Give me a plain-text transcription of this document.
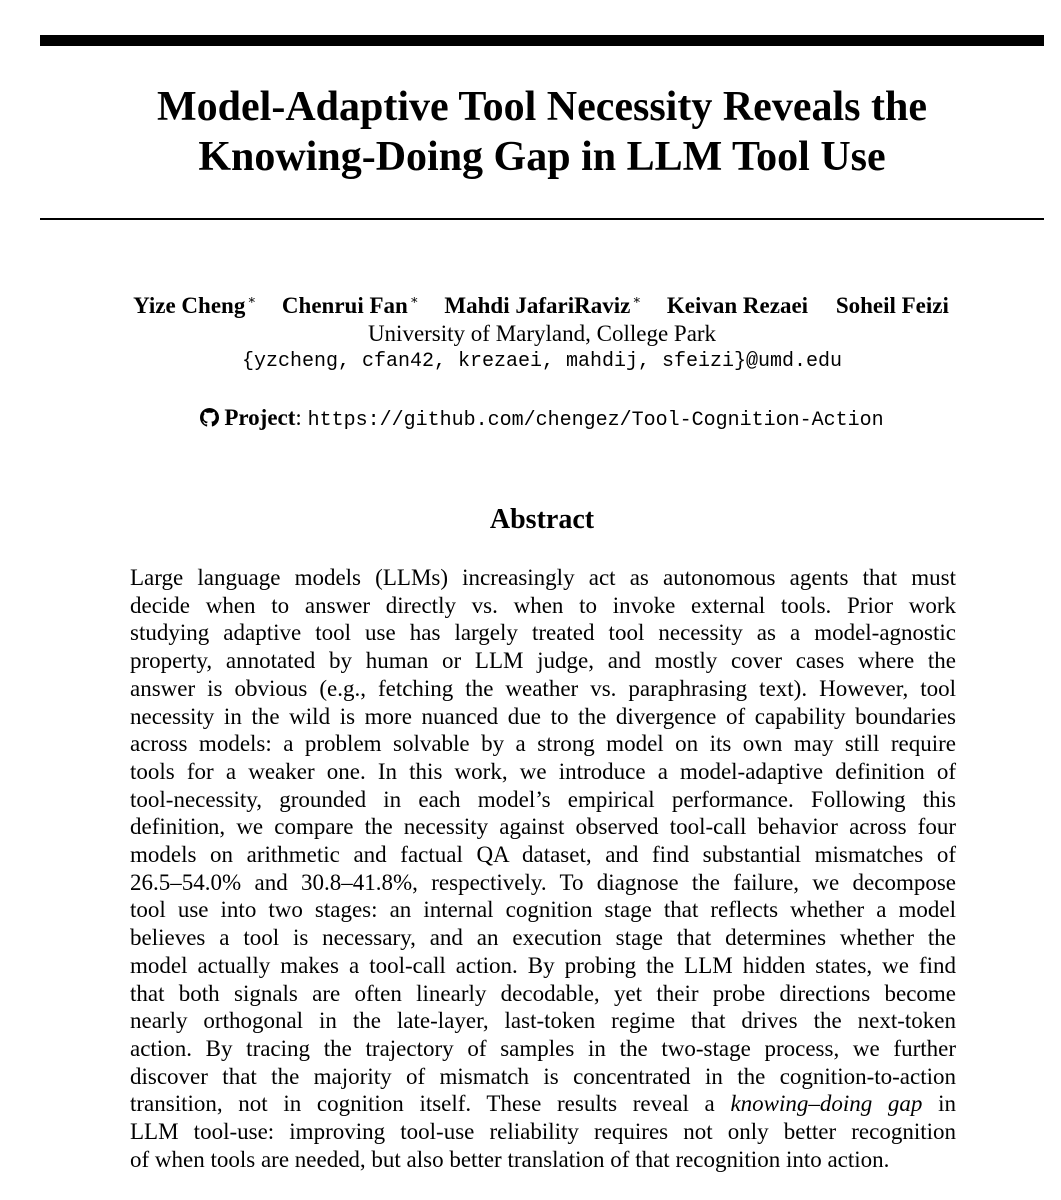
Model-Adaptive Tool Necessity Reveals the
Knowing-Doing Gap in LLM Tool Use
Yize Cheng ∗ Chenrui Fan ∗ Mahdi JafariRaviz ∗ Keivan Rezaei Soheil Feizi
University of Maryland, College Park
{yzcheng, cfan42, krezaei, mahdij, sfeizi}@umd.edu
Project: https://github.com/chengez/Tool-Cognition-Action
Abstract

Large language models (LLMs) increasingly act as autonomous agents that must
decide when to answer directly vs. when to invoke external tools. Prior work
studying adaptive tool use has largely treated tool necessity as a model-agnostic
property, annotated by human or LLM judge, and mostly cover cases where the
answer is obvious (e.g., fetching the weather vs. paraphrasing text). However, tool
necessity in the wild is more nuanced due to the divergence of capability boundaries
across models: a problem solvable by a strong model on its own may still require
tools for a weaker one. In this work, we introduce a model-adaptive definition of
tool-necessity, grounded in each model’s empirical performance. Following this
definition, we compare the necessity against observed tool-call behavior across four
models on arithmetic and factual QA dataset, and find substantial mismatches of
26.5–54.0% and 30.8–41.8%, respectively. To diagnose the failure, we decompose
tool use into two stages: an internal cognition stage that reflects whether a model
believes a tool is necessary, and an execution stage that determines whether the
model actually makes a tool-call action. By probing the LLM hidden states, we find
that both signals are often linearly decodable, yet their probe directions become
nearly orthogonal in the late-layer, last-token regime that drives the next-token
action. By tracing the trajectory of samples in the two-stage process, we further
discover that the majority of mismatch is concentrated in the cognition-to-action
transition, not in cognition itself. These results reveal a knowing–doing gap in
LLM tool-use: improving tool-use reliability requires not only better recognition
of when tools are needed, but also better translation of that recognition into action.
